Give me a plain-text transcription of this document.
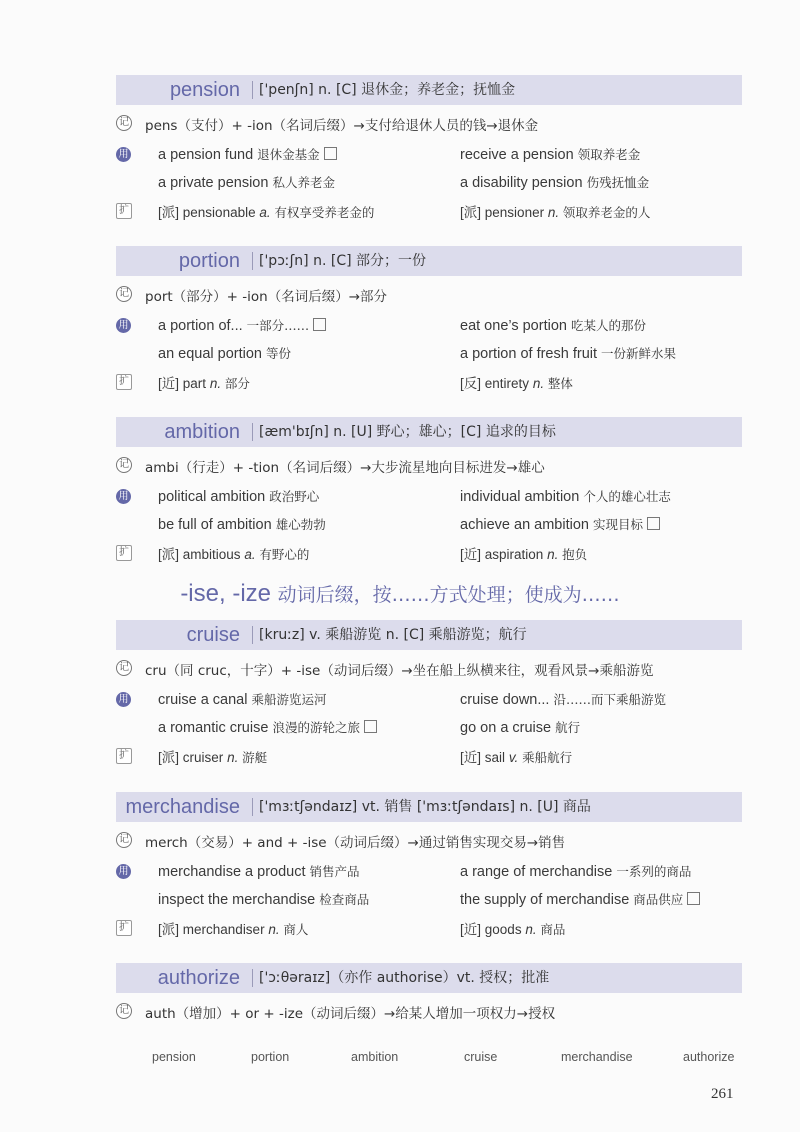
pension	['penʃn] n. [C] 退休金；养老金；抚恤金
记 pens（支付）+ -ion（名词后缀）→支付给退休人员的钱→退休金
用 a pension fund 退休金基金	receive a pension 领取养老金
a private pension 私人养老金	a disability pension 伤残抚恤金
扩 [派] pensionable a. 有权享受养老金的	[派] pensioner n. 领取养老金的人
portion	['pɔːʃn] n. [C] 部分；一份
记 port（部分）+ -ion（名词后缀）→部分
用 a portion of... 一部分……	eat one’s portion 吃某人的那份
an equal portion 等份	a portion of fresh fruit 一份新鲜水果
扩 [近] part n. 部分	[反] entirety n. 整体
ambition	[æm'bɪʃn] n. [U] 野心；雄心；[C] 追求的目标
记 ambi（行走）+ -tion（名词后缀）→大步流星地向目标进发→雄心
用 political ambition 政治野心	individual ambition 个人的雄心壮志
be full of ambition 雄心勃勃	achieve an ambition 实现目标
扩 [派] ambitious a. 有野心的	[近] aspiration n. 抱负
-ise, -ize 动词后缀，按……方式处理；使成为……
cruise	[kruːz] v. 乘船游览 n. [C] 乘船游览；航行
记 cru（同 cruc，十字）+ -ise（动词后缀）→坐在船上纵横来往，观看风景→乘船游览
用 cruise a canal 乘船游览运河	cruise down... 沿……而下乘船游览
a romantic cruise 浪漫的游轮之旅	go on a cruise 航行
扩 [派] cruiser n. 游艇	[近] sail v. 乘船航行
merchandise	['mɜːtʃəndaɪz] vt. 销售 ['mɜːtʃəndaɪs] n. [U] 商品
记 merch（交易）+ and + -ise（动词后缀）→通过销售实现交易→销售
用 merchandise a product 销售产品	a range of merchandise 一系列的商品
inspect the merchandise 检查商品	the supply of merchandise 商品供应
扩 [派] merchandiser n. 商人	[近] goods n. 商品
authorize	['ɔːθəraɪz]（亦作 authorise）vt. 授权；批准
记 auth（增加）+ or + -ize（动词后缀）→给某人增加一项权力→授权
pension	portion	ambition	cruise	merchandise	authorize
261
